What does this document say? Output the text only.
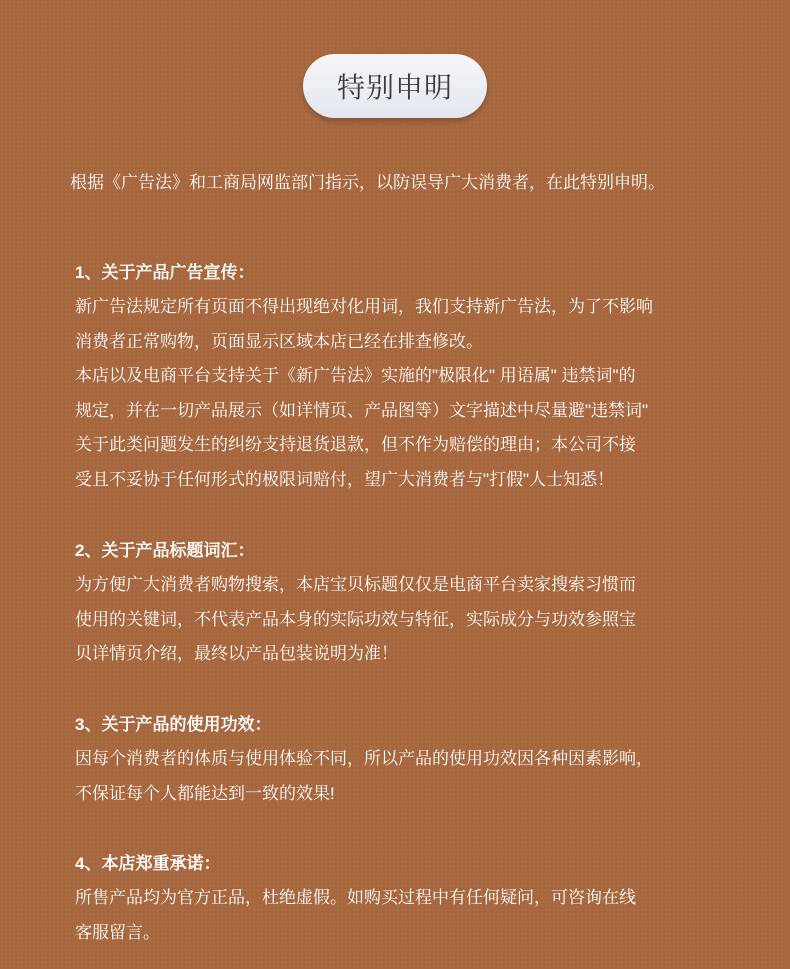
特别申明
根据《广告法》和工商局网监部门指示，以防误导广大消费者，在此特别申明。
1、关于产品广告宣传：
新广告法规定所有页面不得出现绝对化用词，我们支持新广告法，为了不影响
消费者正常购物，页面显示区域本店已经在排查修改。
本店以及电商平台支持关于《新广告法》实施的"极限化" 用语属" 违禁词"的
规定，并在一切产品展示（如详情页、产品图等）文字描述中尽量避"违禁词"
关于此类问题发生的纠纷支持退货退款，但不作为赔偿的理由；本公司不接
受且不妥协于任何形式的极限词赔付，望广大消费者与"打假"人士知悉！
2、关于产品标题词汇：
为方便广大消费者购物搜索，本店宝贝标题仅仅是电商平台卖家搜索习惯而
使用的关键词，不代表产品本身的实际功效与特征，实际成分与功效参照宝
贝详情页介绍，最终以产品包装说明为准！
3、关于产品的使用功效：
因每个消费者的体质与使用体验不同，所以产品的使用功效因各种因素影响，
不保证每个人都能达到一致的效果!
4、本店郑重承诺：
所售产品均为官方正品，杜绝虚假。如购买过程中有任何疑问，可咨询在线
客服留言。
